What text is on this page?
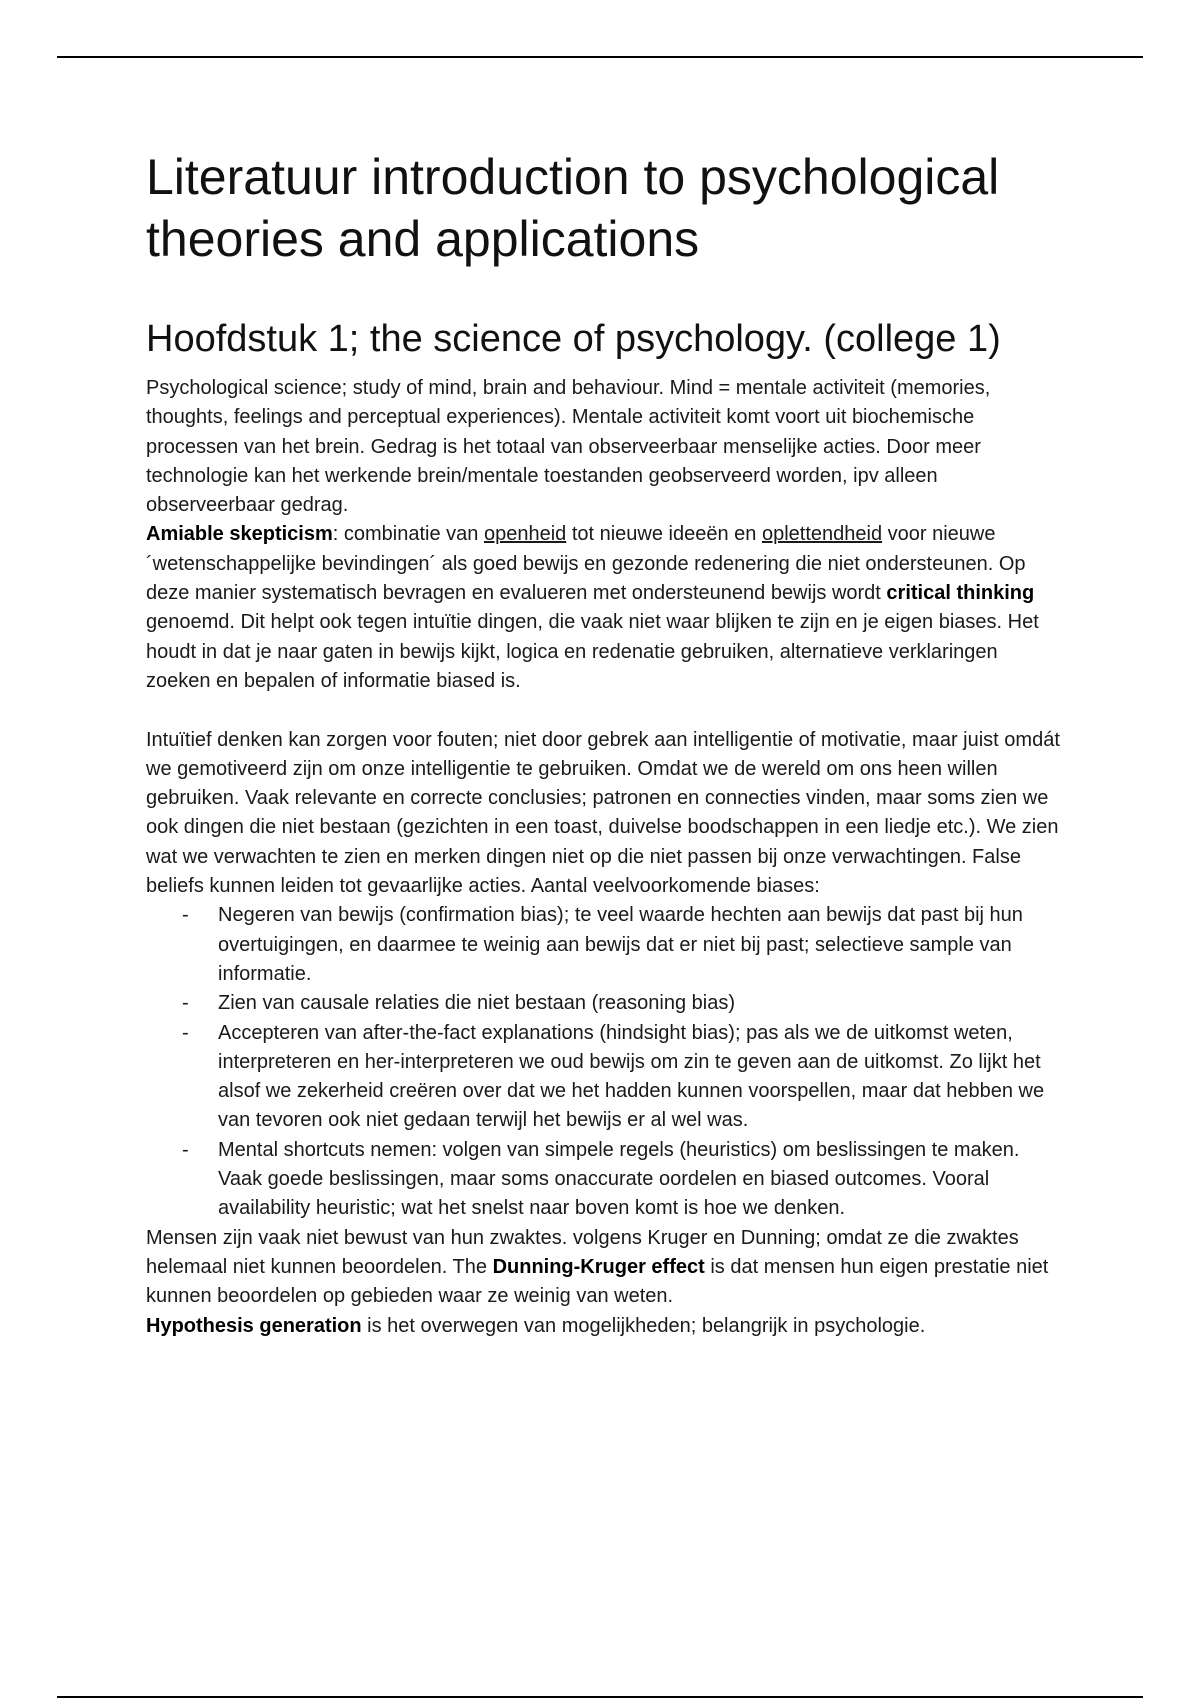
Literatuur introduction to psychological theories and applications
Hoofdstuk 1; the science of psychology. (college 1)

Psychological science; study of mind, brain and behaviour. Mind = mentale activiteit (memories, thoughts, feelings and perceptual experiences). Mentale activiteit komt voort uit biochemische processen van het brein. Gedrag is het totaal van observeerbaar menselijke acties. Door meer technologie kan het werkende brein/mentale toestanden geobserveerd worden, ipv alleen observeerbaar gedrag.

Amiable skepticism: combinatie van openheid tot nieuwe ideeën en oplettendheid voor nieuwe ´wetenschappelijke bevindingen´ als goed bewijs en gezonde redenering die niet ondersteunen. Op deze manier systematisch bevragen en evalueren met ondersteunend bewijs wordt critical thinking genoemd. Dit helpt ook tegen intuïtie dingen, die vaak niet waar blijken te zijn en je eigen biases. Het houdt in dat je naar gaten in bewijs kijkt, logica en redenatie gebruiken, alternatieve verklaringen zoeken en bepalen of informatie biased is.

Intuïtief denken kan zorgen voor fouten; niet door gebrek aan intelligentie of motivatie, maar juist omdát we gemotiveerd zijn om onze intelligentie te gebruiken. Omdat we de wereld om ons heen willen gebruiken. Vaak relevante en correcte conclusies; patronen en connecties vinden, maar soms zien we ook dingen die niet bestaan (gezichten in een toast, duivelse boodschappen in een liedje etc.). We zien wat we verwachten te zien en merken dingen niet op die niet passen bij onze verwachtingen. False beliefs kunnen leiden tot gevaarlijke acties. Aantal veelvoorkomende biases:

- Negeren van bewijs (confirmation bias); te veel waarde hechten aan bewijs dat past bij hun overtuigingen, en daarmee te weinig aan bewijs dat er niet bij past; selectieve sample van informatie.
- Zien van causale relaties die niet bestaan (reasoning bias)
- Accepteren van after-the-fact explanations (hindsight bias); pas als we de uitkomst weten, interpreteren en her-interpreteren we oud bewijs om zin te geven aan de uitkomst. Zo lijkt het alsof we zekerheid creëren over dat we het hadden kunnen voorspellen, maar dat hebben we van tevoren ook niet gedaan terwijl het bewijs er al wel was.
- Mental shortcuts nemen: volgen van simpele regels (heuristics) om beslissingen te maken. Vaak goede beslissingen, maar soms onaccurate oordelen en biased outcomes. Vooral availability heuristic; wat het snelst naar boven komt is hoe we denken.

Mensen zijn vaak niet bewust van hun zwaktes. volgens Kruger en Dunning; omdat ze die zwaktes helemaal niet kunnen beoordelen. The Dunning-Kruger effect is dat mensen hun eigen prestatie niet kunnen beoordelen op gebieden waar ze weinig van weten.

Hypothesis generation is het overwegen van mogelijkheden; belangrijk in psychologie.
